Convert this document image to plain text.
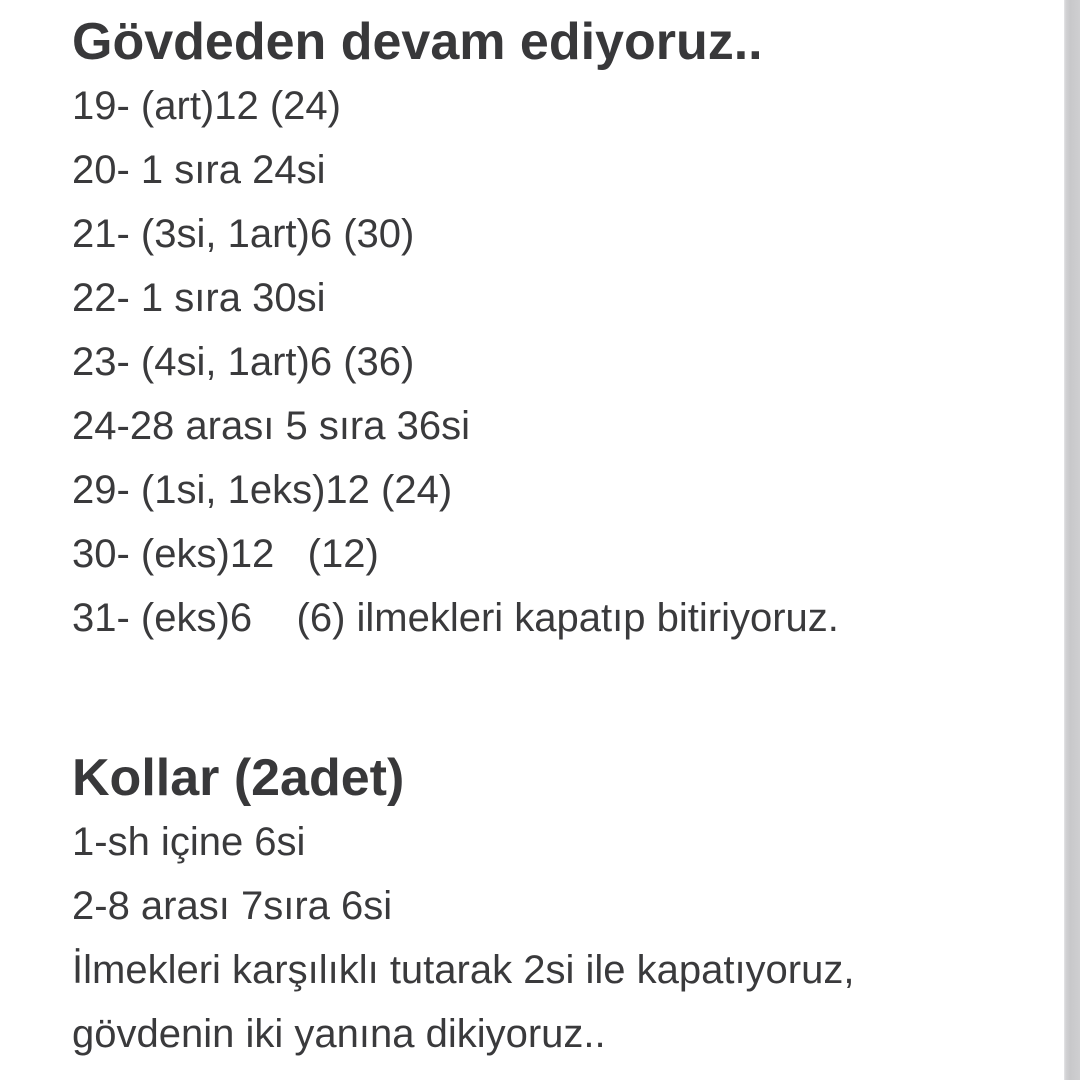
Gövdeden devam ediyoruz..
19- (art)12 (24)
20- 1 sıra 24si
21- (3si, 1art)6 (30)
22- 1 sıra 30si
23- (4si, 1art)6 (36)
24-28 arası 5 sıra 36si
29- (1si, 1eks)12 (24)
30- (eks)12   (12)
31- (eks)6    (6) ilmekleri kapatıp bitiriyoruz.
Kollar (2adet)
1-sh içine 6si
2-8 arası 7sıra 6si
İlmekleri karşılıklı tutarak 2si ile kapatıyoruz,
gövdenin iki yanına dikiyoruz..
